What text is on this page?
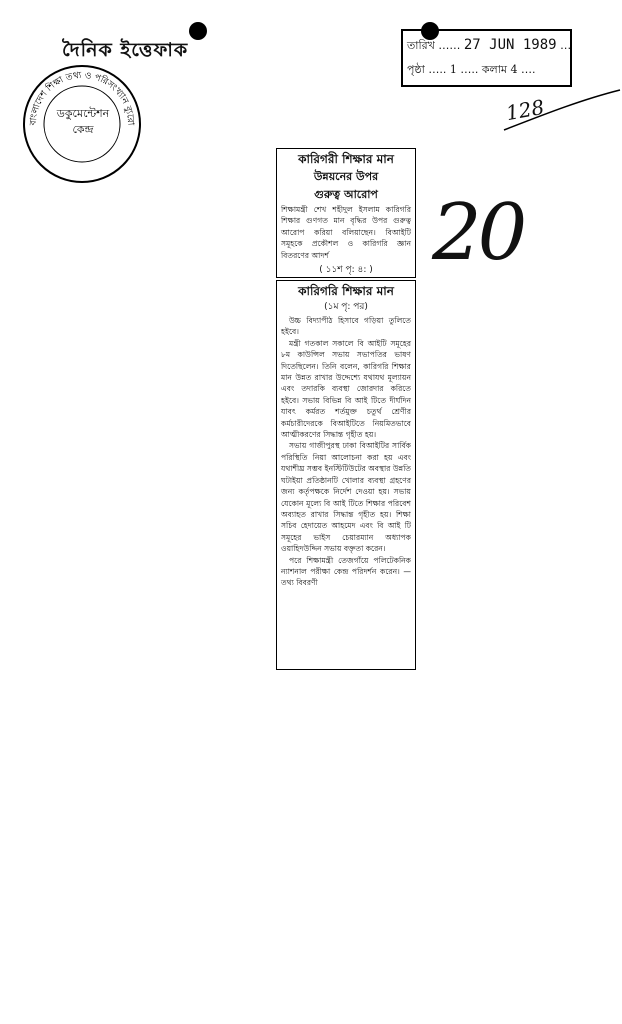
দৈনিক ইত্তেফাক
বাংলাদেশ শিক্ষা তথ্য ও পরিসংখ্যান ব্যুরো
ডকুমেন্টেশন
কেন্দ্র
তারিখ …… 27 JUN 1989 …
পৃষ্ঠা ….. 1 ….. কলাম 4 ….
128
20
কারিগরী শিক্ষার মান
উন্নয়নের উপর
গুরুত্ব আরোপ
শিক্ষামন্ত্রী শেখ শহীদুল ইসলাম কারিগরি শিক্ষার গুণগত মান বৃদ্ধির উপর গুরুত্ব আরোপ করিয়া বলিয়াছেন। বিআইটি সমূহকে প্রকৌশল ও কারিগরি জ্ঞান বিতরণের আদর্শ
( ১১শ পৃ: ৪: )
কারিগরি শিক্ষার মান
(১ম পৃ: পর)

উচ্চ বিদ্যাপীঠ হিসাবে গড়িয়া তুলিতে হইবে।

মন্ত্রী গতকাল সকালে বি আইটি সমূহের ৮ম কাউন্সিল সভায় সভাপতির ভাষণ দিতেছিলেন। তিনি বলেন, কারিগরি শিক্ষার মান উন্নত রাখার উদ্দেশ্যে যথাযথ মূল্যায়ন এবং তদারকি ব্যবস্থা জোরদার করিতে হইবে। সভায় বিভিন্ন বি আই টিতে দীর্ঘদিন যাবৎ কর্মরত শর্তমুক্ত চতুর্থ শ্রেণীর কর্মচারীদেরকে বিআইটিতে নিয়মিতভাবে আত্মীকরণের সিদ্ধান্ত গৃহীত হয়।

সভায় গাজীপুরস্থ ঢাকা বিআইটির সার্বিক পরিস্থিতি নিয়া আলোচনা করা হয় এবং যথাশীঘ্র সম্ভব ইনস্টিটিউটের অবস্থার উন্নতি ঘটাইয়া প্রতিষ্ঠানটি খোলার ব্যবস্থা গ্রহণের জন্য কর্তৃপক্ষকে নির্দেশ দেওয়া হয়। সভায় যেকোন মূল্যে বি আই টিতে শিক্ষার পরিবেশ অব্যাহত রাখার সিদ্ধান্ত গৃহীত হয়। শিক্ষা সচিব হেদায়েত আহমেদ এবং বি আই টি সমূহের ভাইস চেয়ারম্যান অধ্যাপক ওয়াহিদউদ্দিন সভায় বক্তৃতা করেন।

পরে শিক্ষামন্ত্রী তেজগাঁয়ে পলিটেকনিক ন্যাশনাল পরীক্ষা কেন্দ্র পরিদর্শন করেন। — তথ্য বিবরণী
